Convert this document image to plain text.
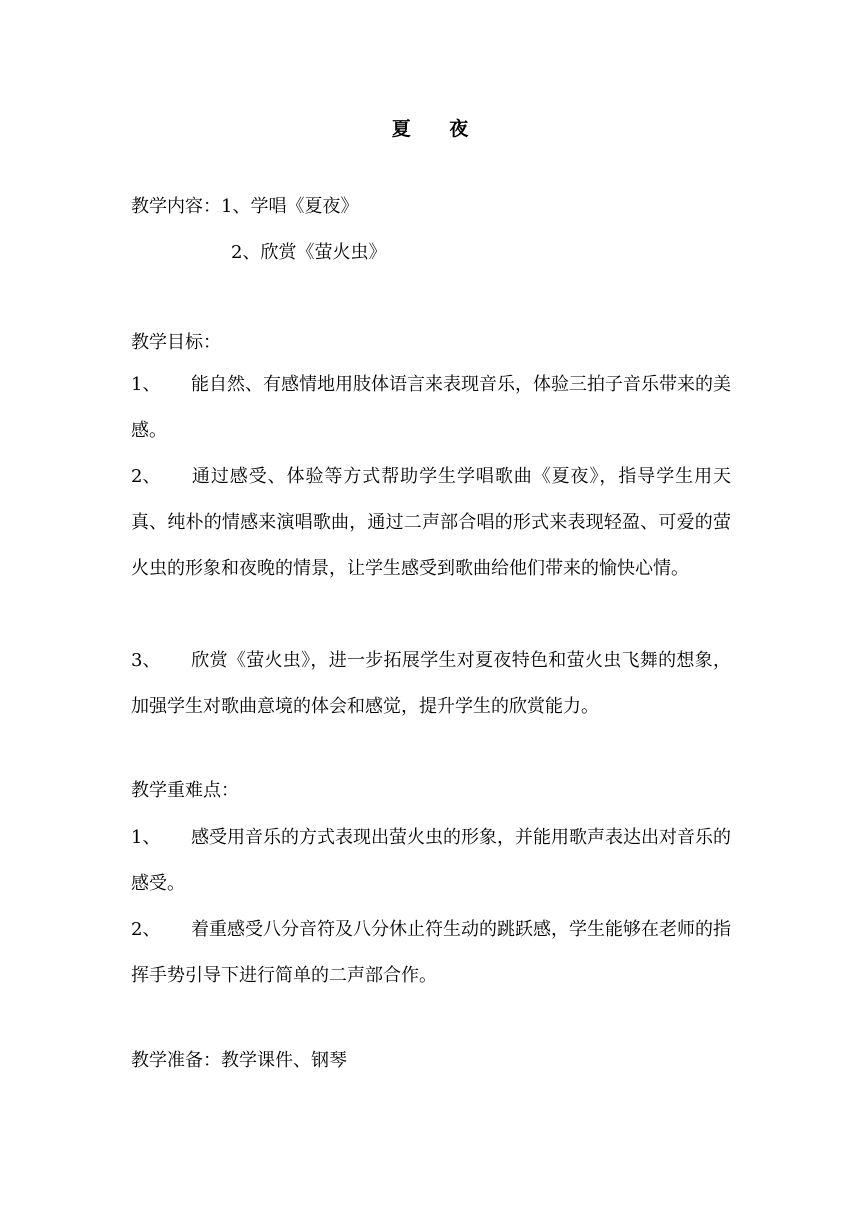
夏 夜
教学内容：1、学唱《夏夜》
2、欣赏《萤火虫》
教学目标：
1、 能自然、有感情地用肢体语言来表现音乐，体验三拍子音乐带来的美感。
2、 通过感受、体验等方式帮助学生学唱歌曲《夏夜》，指导学生用天真、纯朴的情感来演唱歌曲，通过二声部合唱的形式来表现轻盈、可爱的萤火虫的形象和夜晚的情景，让学生感受到歌曲给他们带来的愉快心情。
3、 欣赏《萤火虫》，进一步拓展学生对夏夜特色和萤火虫飞舞的想象，加强学生对歌曲意境的体会和感觉，提升学生的欣赏能力。
教学重难点：
1、 感受用音乐的方式表现出萤火虫的形象，并能用歌声表达出对音乐的感受。
2、 着重感受八分音符及八分休止符生动的跳跃感，学生能够在老师的指挥手势引导下进行简单的二声部合作。
教学准备：教学课件、钢琴
